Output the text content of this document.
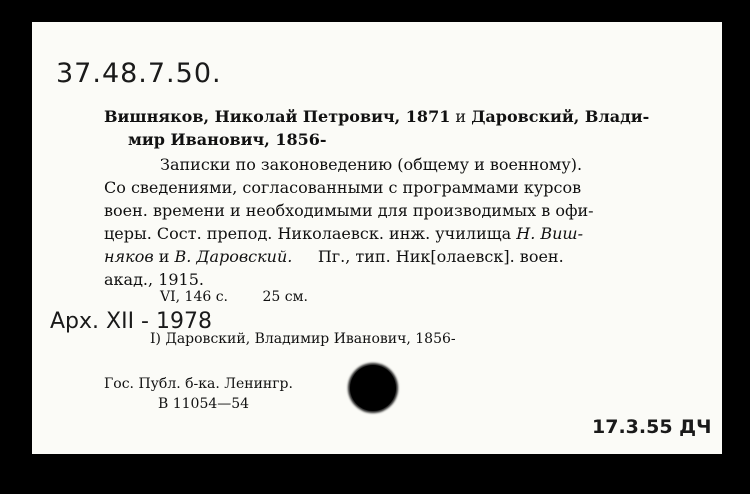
37.48.7.50.
Вишняков, Николай Петрович, 1871 и Даровский, Влади-
мир Иванович, 1856-
Записки по законоведению (общему и военному).
Со сведениями, согласованными с программами курсов
воен. времени и необходимыми для производимых в офи-
церы. Сост. препод. Николаевск. инж. училища Н. Виш-
няков и В. Даровский. Пг., тип. Ник[олаевск]. воен.
акад., 1915.
VI, 146 с. 25 см.
Арх. XII - 1978
I) Даровский, Владимир Иванович, 1856-
Гос. Публ. б-ка. Ленингр.
В 11054—54
17.3.55 ДЧ
